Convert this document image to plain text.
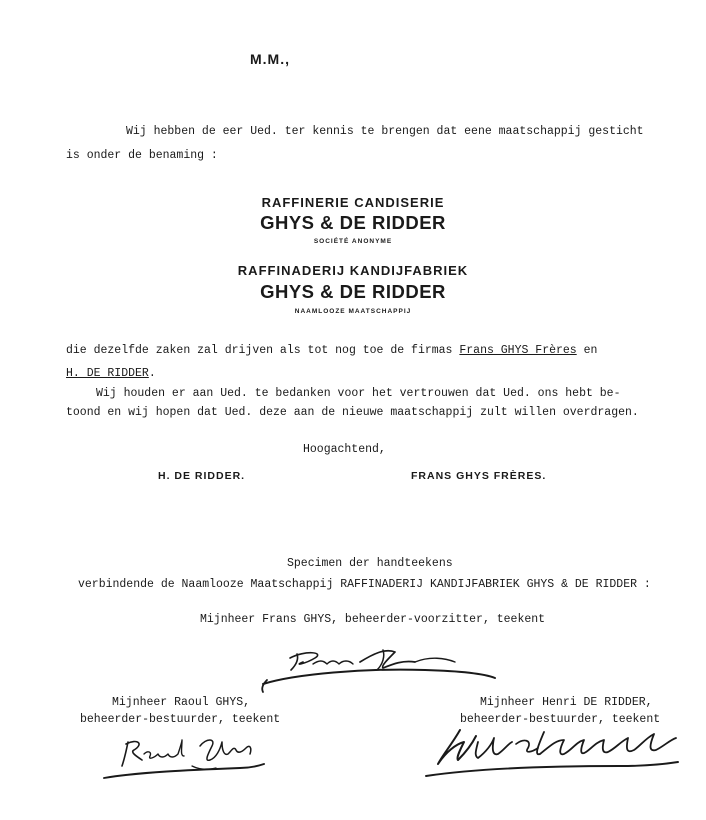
M.M.,
Wij hebben de eer Ued. ter kennis te brengen dat eene maatschappij gesticht
is onder de benaming :
RAFFINERIE CANDISERIE
GHYS & DE RIDDER
SOCIÉTÉ ANONYME
RAFFINADERIJ KANDIJFABRIEK
GHYS & DE RIDDER
NAAMLOOZE MAATSCHAPPIJ
die dezelfde zaken zal drijven als tot nog toe de firmas Frans GHYS Frères en
H. DE RIDDER.
Wij houden er aan Ued. te bedanken voor het vertrouwen dat Ued. ons hebt be-
toond en wij hopen dat Ued. deze aan de nieuwe maatschappij zult willen overdragen.
Hoogachtend,
H. DE RIDDER.	FRANS GHYS FRÈRES.
Specimen der handteekens
verbindende de Naamlooze Maatschappij RAFFINADERIJ KANDIJFABRIEK GHYS & DE RIDDER :
Mijnheer Frans GHYS, beheerder-voorzitter, teekent
Mijnheer Raoul GHYS,
beheerder-bestuurder, teekent
Mijnheer Henri DE RIDDER,
beheerder-bestuurder, teekent
